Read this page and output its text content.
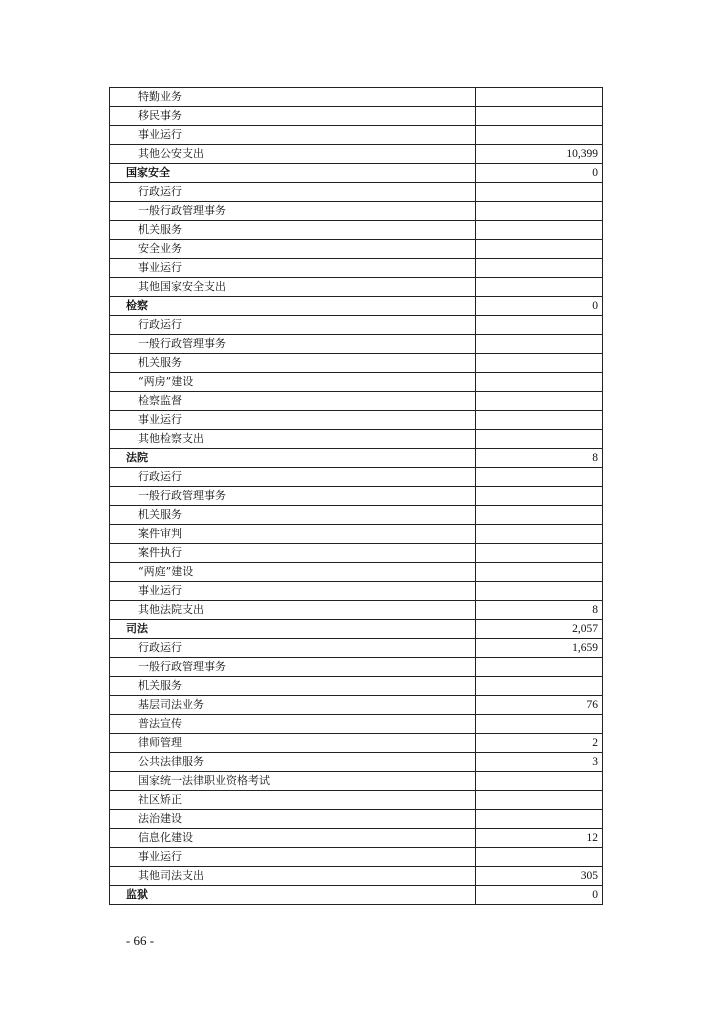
特勤业务	
移民事务	
事业运行	
其他公安支出	10,399
国家安全	0
行政运行	
一般行政管理事务	
机关服务	
安全业务	
事业运行	
其他国家安全支出	
检察	0
行政运行	
一般行政管理事务	
机关服务	
“两房”建设	
检察监督	
事业运行	
其他检察支出	
法院	8
行政运行	
一般行政管理事务	
机关服务	
案件审判	
案件执行	
“两庭”建设	
事业运行	
其他法院支出	8
司法	2,057
行政运行	1,659
一般行政管理事务	
机关服务	
基层司法业务	76
普法宣传	
律师管理	2
公共法律服务	3
国家统一法律职业资格考试	
社区矫正	
法治建设	
信息化建设	12
事业运行	
其他司法支出	305
监狱	0
- 66 -
